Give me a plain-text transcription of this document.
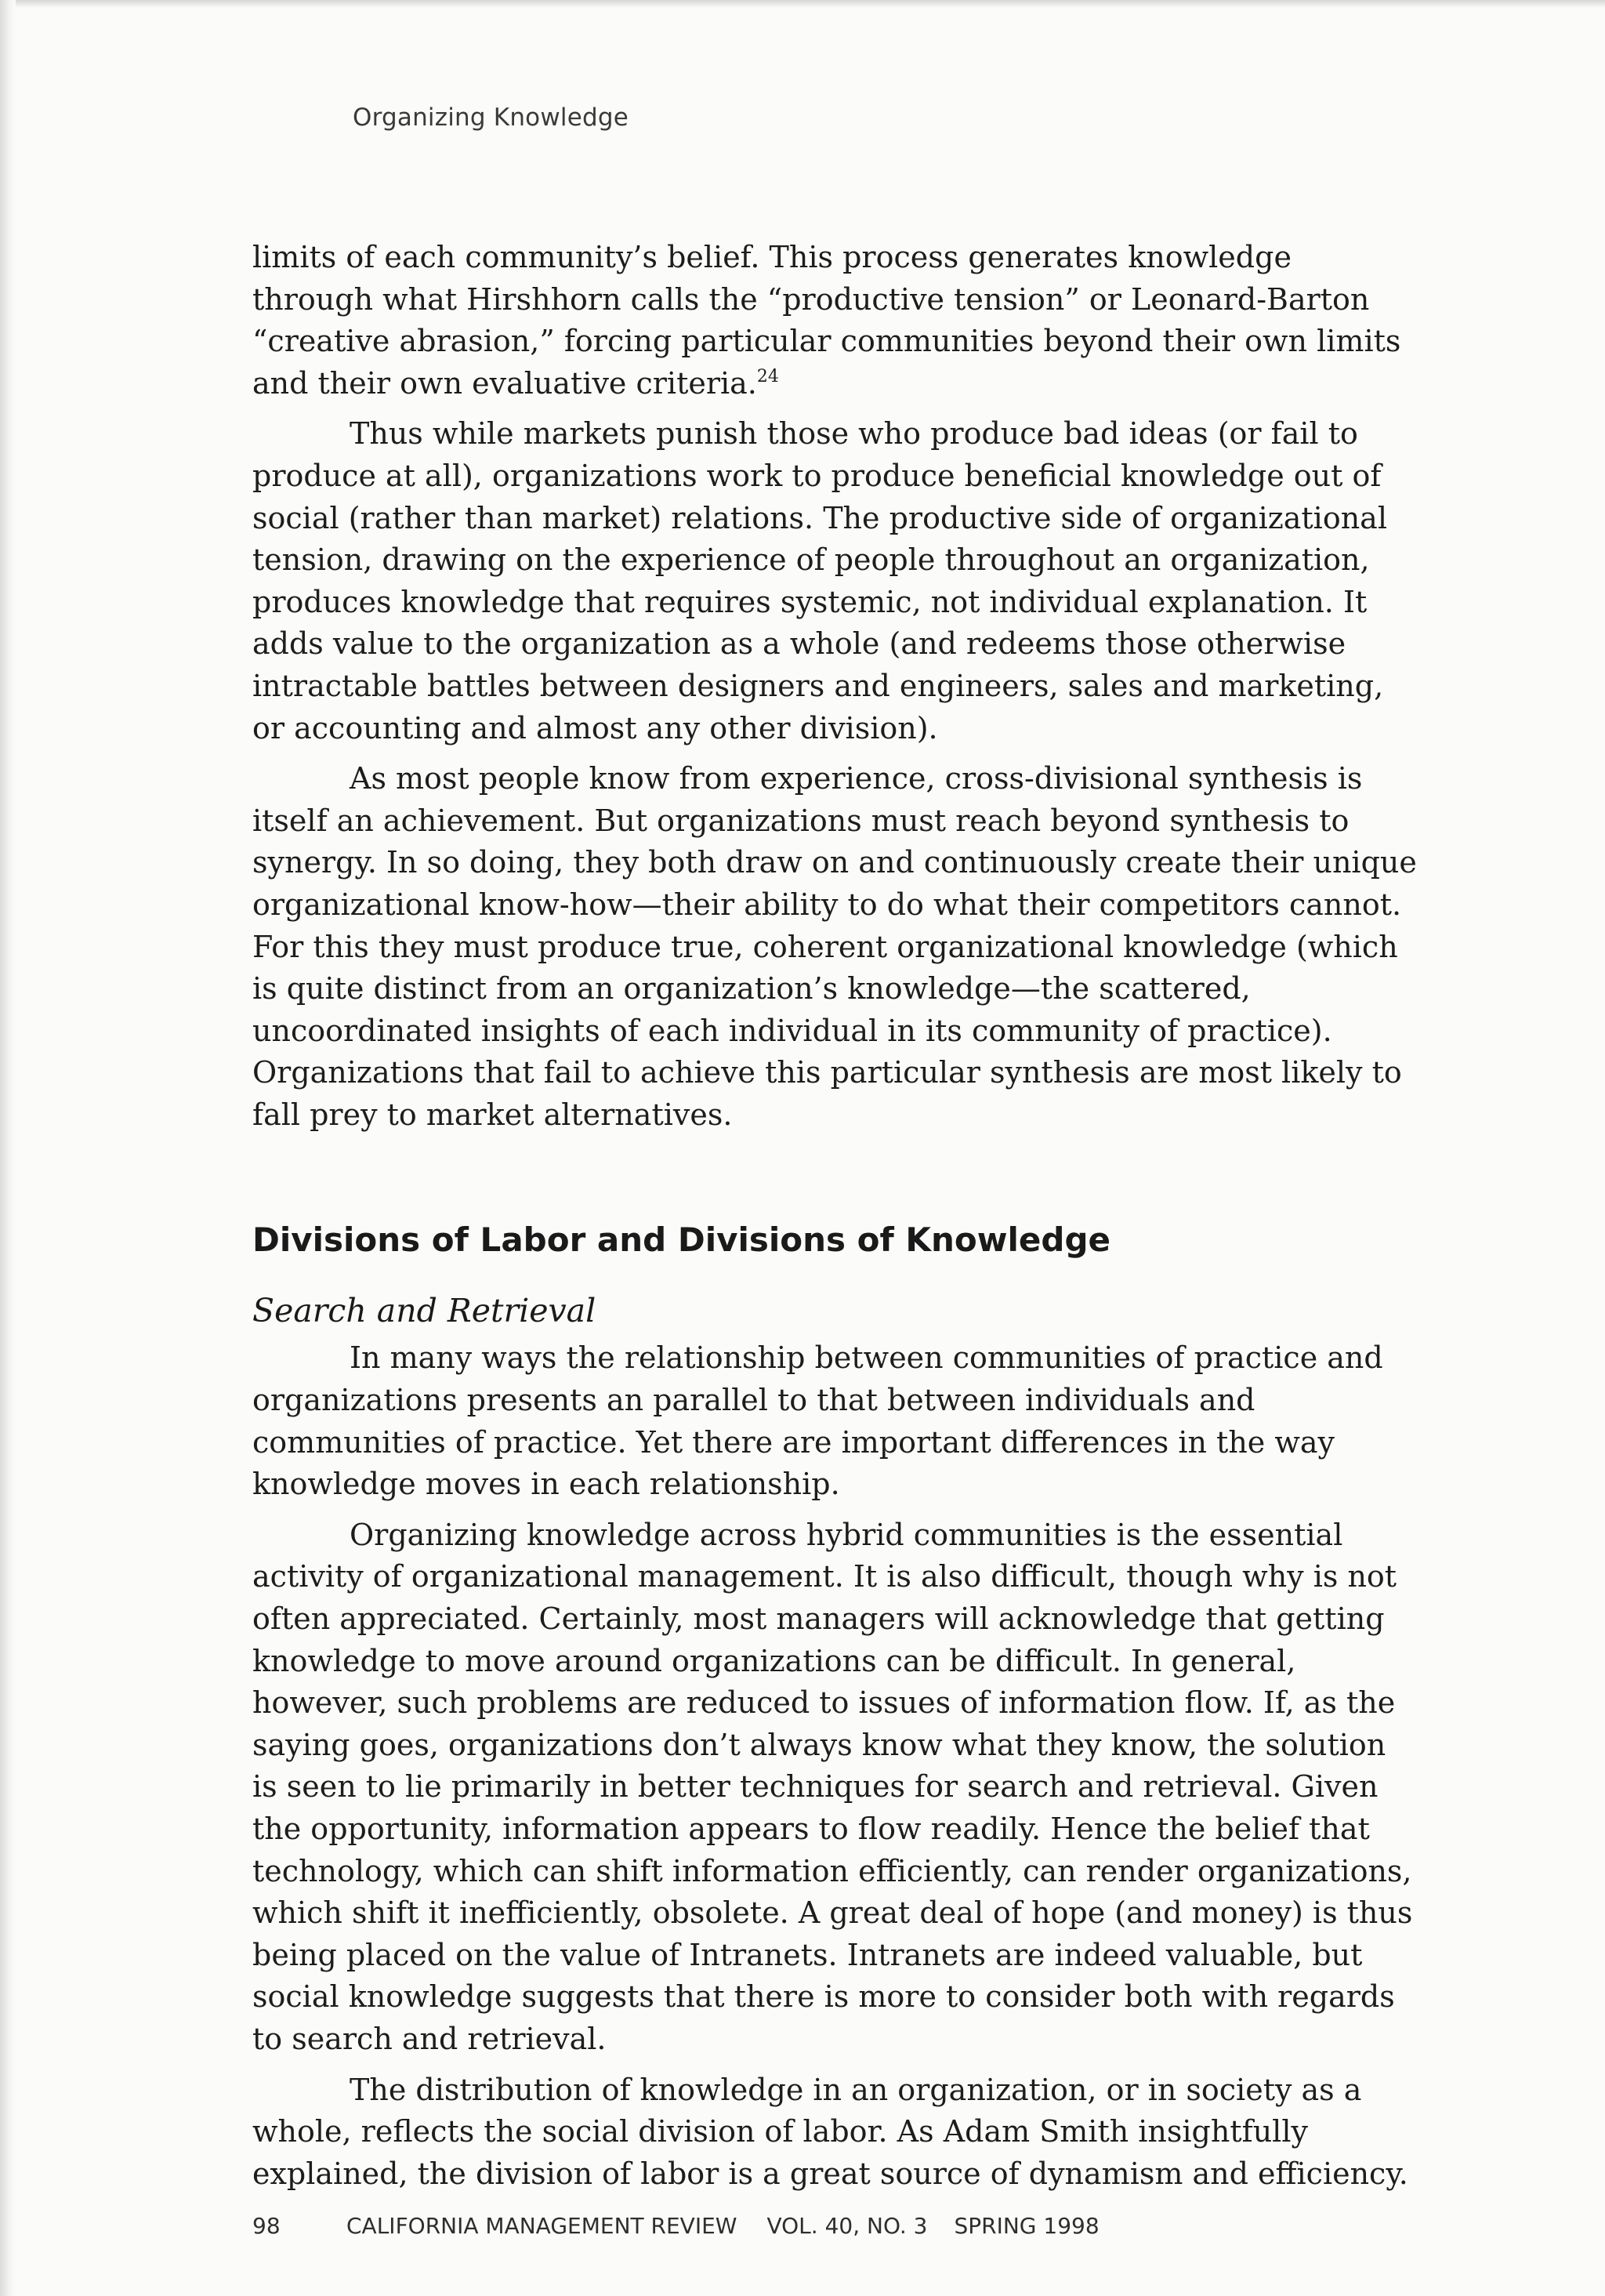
Organizing Knowledge

limits of each community’s belief. This process generates knowledge through what Hirshhorn calls the “productive tension” or Leonard-Barton “creative abrasion,” forcing particular communities beyond their own limits and their own evaluative criteria.$^{24}$

Thus while markets punish those who produce bad ideas (or fail to produce at all), organizations work to produce beneficial knowledge out of social (rather than market) relations. The productive side of organizational tension, drawing on the experience of people throughout an organization, produces knowledge that requires systemic, not individual explanation. It adds value to the organization as a whole (and redeems those otherwise intractable battles between designers and engineers, sales and marketing, or accounting and almost any other division).

As most people know from experience, cross-divisional synthesis is itself an achievement. But organizations must reach beyond synthesis to synergy. In so doing, they both draw on and continuously create their unique organizational know-how—their ability to do what their competitors cannot. For this they must produce true, coherent organizational knowledge (which is quite distinct from an organization’s knowledge—the scattered, uncoordinated insights of each individual in its community of practice). Organizations that fail to achieve this particular synthesis are most likely to fall prey to market alternatives.

Divisions of Labor and Divisions of Knowledge
Search and Retrieval

In many ways the relationship between communities of practice and organizations presents an parallel to that between individuals and communities of practice. Yet there are important differences in the way knowledge moves in each relationship.

Organizing knowledge across hybrid communities is the essential activity of organizational management. It is also difficult, though why is not often appreciated. Certainly, most managers will acknowledge that getting knowledge to move around organizations can be difficult. In general, however, such problems are reduced to issues of information flow. If, as the saying goes, organizations don’t always know what they know, the solution is seen to lie primarily in better techniques for search and retrieval. Given the opportunity, information appears to flow readily. Hence the belief that technology, which can shift information efficiently, can render organizations, which shift it inefficiently, obsolete. A great deal of hope (and money) is thus being placed on the value of Intranets. Intranets are indeed valuable, but social knowledge suggests that there is more to consider both with regards to search and retrieval.

The distribution of knowledge in an organization, or in society as a whole, reflects the social division of labor. As Adam Smith insightfully explained, the division of labor is a great source of dynamism and efficiency.

98	CALIFORNIA MANAGEMENT REVIEW VOL. 40, NO. 3 SPRING 1998
